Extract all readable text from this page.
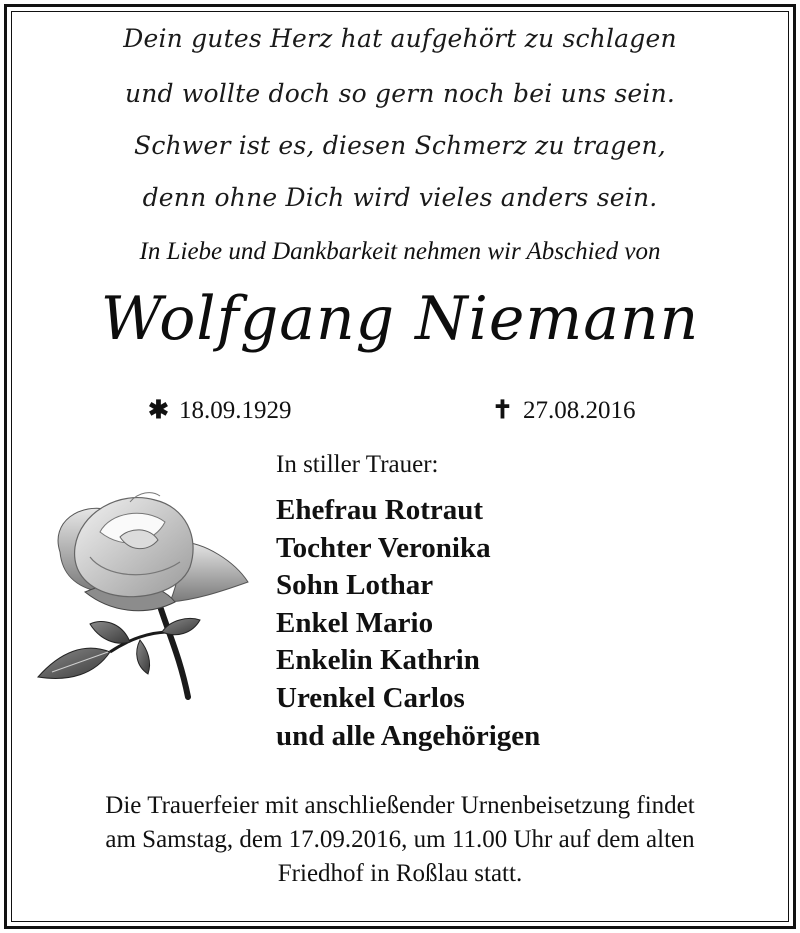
Dein gutes Herz hat aufgehört zu schlagen
und wollte doch so gern noch bei uns sein.
Schwer ist es, diesen Schmerz zu tragen,
denn ohne Dich wird vieles anders sein.
In Liebe und Dankbarkeit nehmen wir Abschied von
Wolfgang Niemann
✱ 18.09.1929	✝ 27.08.2016
In stiller Trauer:
Ehefrau Rotraut
Tochter Veronika
Sohn Lothar
Enkel Mario
Enkelin Kathrin
Urenkel Carlos
und alle Angehörigen
Die Trauerfeier mit anschließender Urnenbeisetzung findet
am Samstag, dem 17.09.2016, um 11.00 Uhr auf dem alten
Friedhof in Roßlau statt.
